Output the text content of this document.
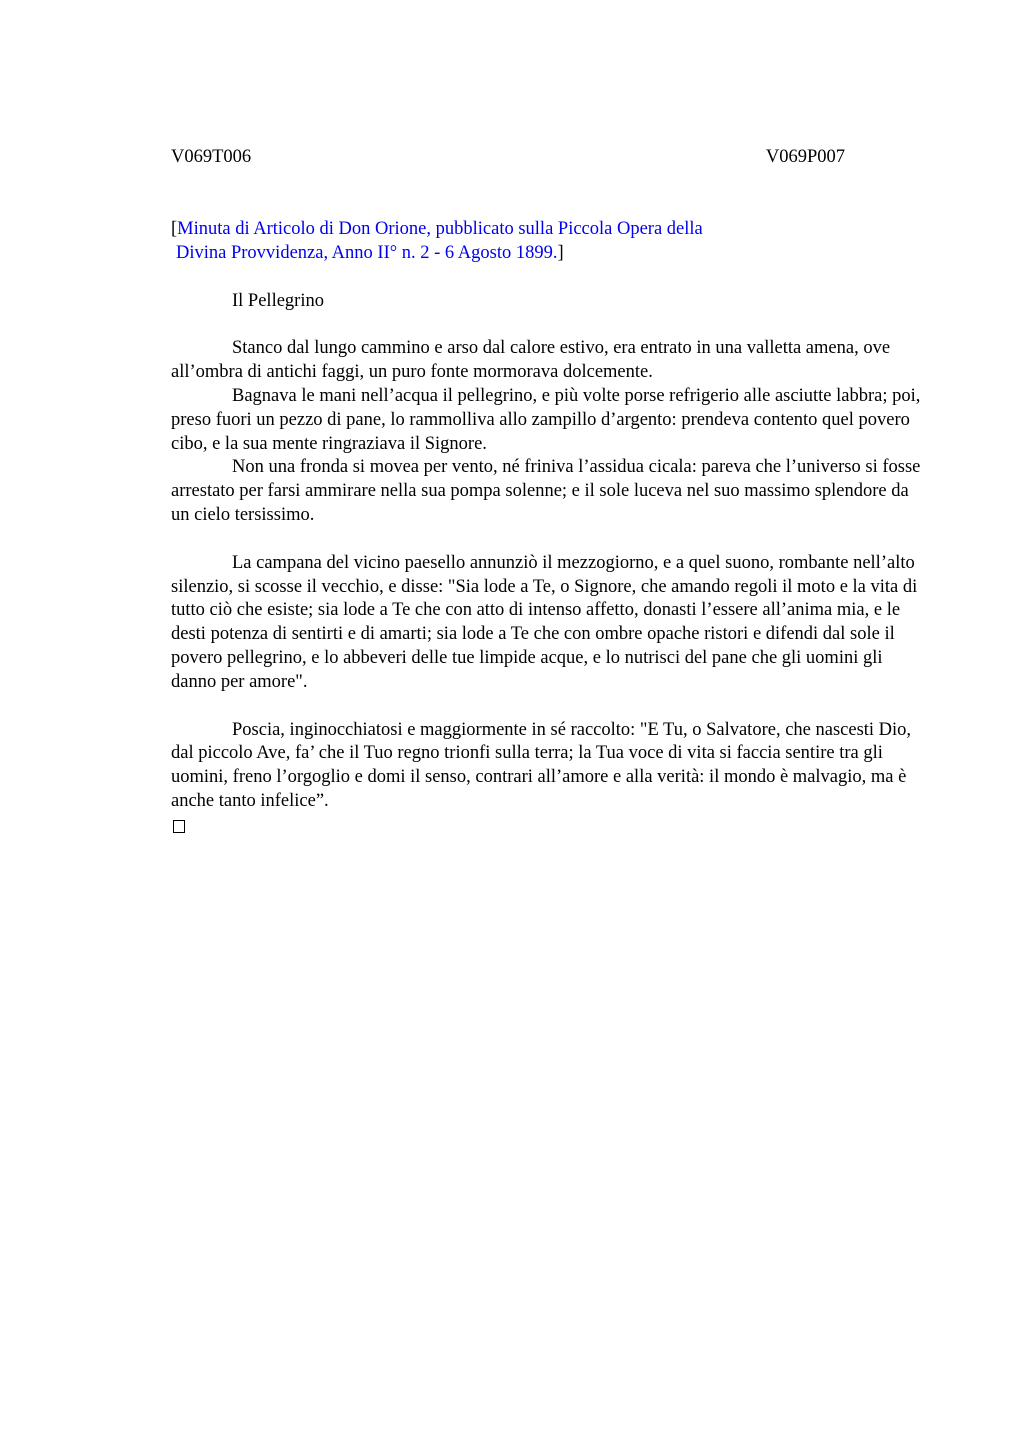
V069T006	V069P007
[Minuta di Articolo di Don Orione, pubblicato sulla Piccola Opera della
Divina Provvidenza, Anno II° n. 2 - 6 Agosto 1899.]
Il Pellegrino

Stanco dal lungo cammino e arso dal calore estivo, era entrato in una valletta amena, ove all’ombra di antichi faggi, un puro fonte mormorava dolcemente.

Bagnava le mani nell’acqua il pellegrino, e più volte porse refrigerio alle asciutte labbra; poi, preso fuori un pezzo di pane, lo rammolliva allo zampillo d’argento: prendeva contento quel povero cibo, e la sua mente ringraziava il Signore.

Non una fronda si movea per vento, né friniva l’assidua cicala: pareva che l’universo si fosse arrestato per farsi ammirare nella sua pompa solenne; e il sole luceva nel suo massimo splendore da un cielo tersissimo.

La campana del vicino paesello annunziò il mezzogiorno, e a quel suono, rombante nell’alto silenzio, si scosse il vecchio, e disse: "Sia lode a Te, o Signore, che amando regoli il moto e la vita di tutto ciò che esiste; sia lode a Te che con atto di intenso affetto, donasti l’essere all’anima mia, e le desti potenza di sentirti e di amarti; sia lode a Te che con ombre opache ristori e difendi dal sole il povero pellegrino, e lo abbeveri delle tue limpide acque, e lo nutrisci del pane che gli uomini gli danno per amore".

Poscia, inginocchiatosi e maggiormente in sé raccolto: "E Tu, o Salvatore, che nascesti Dio, dal piccolo Ave, fa’ che il Tuo regno trionfi sulla terra; la Tua voce di vita si faccia sentire tra gli uomini, freno l’orgoglio e domi il senso, contrari all’amore e alla verità: il mondo è malvagio, ma è anche tanto infelice”.
